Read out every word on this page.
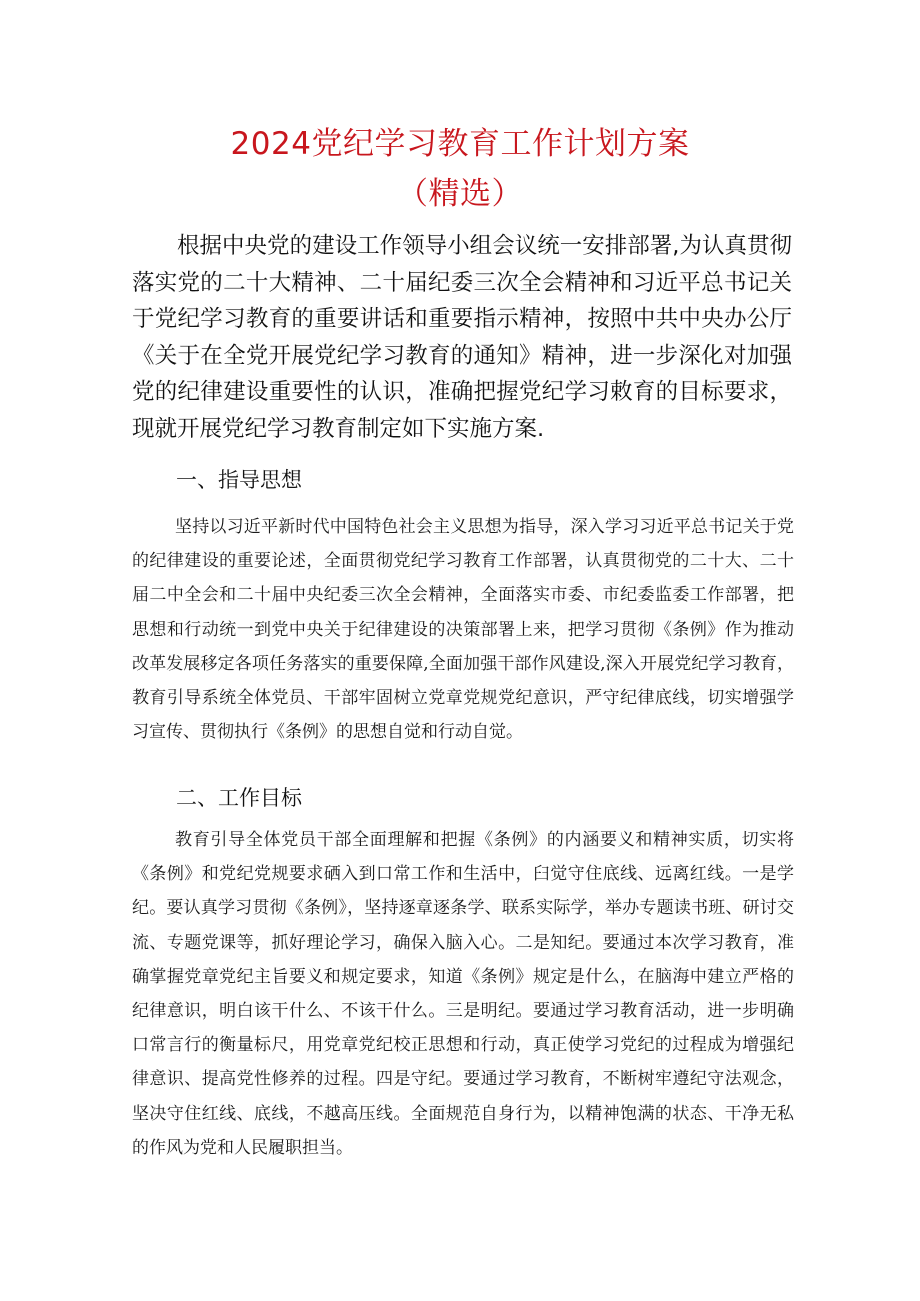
2024党纪学习教育工作计划方案
（精选）

根据中央党的建设工作领导小组会议统一安排部署,为认真贯彻落实党的二十大精神、二十届纪委三次全会精神和习近平总书记关于党纪学习教育的重要讲话和重要指示精神，按照中共中央办公厅《关于在全党开展党纪学习教育的通知》精神，进一步深化对加强党的纪律建设重要性的认识，准确把握党纪学习敕育的目标要求，现就开展党纪学习教育制定如下实施方案.

一、指导思想

坚持以习近平新时代中国特色社会主义思想为指导，深入学习习近平总书记关于党的纪律建设的重要论述，全面贯彻党纪学习教育工作部署，认真贯彻党的二十大、二十届二中全会和二十届中央纪委三次全会精神，全面落实市委、市纪委监委工作部署，把思想和行动统一到党中央关于纪律建设的决策部署上来，把学习贯彻《条例》作为推动改革发展移定各项任务落实的重要保障,全面加强干部作风建设,深入开展党纪学习教育，教育引导系统全体党员、干部牢固树立党章党规党纪意识，严守纪律底线，切实增强学习宣传、贯彻执行《条例》的思想自觉和行动自觉。

二、工作目标

教育引导全体党员干部全面理解和把握《条例》的内涵要义和精神实质，切实将《条例》和党纪党规要求硒入到口常工作和生活中，臼觉守住底线、远离红线。一是学纪。要认真学习贯彻《条例》，坚持逐章逐条学、联系实际学，举办专题读书班、研讨交流、专题党课等，抓好理论学习，确保入脑入心。二是知纪。要通过本次学习教育，准确掌握党章党纪主旨要义和规定要求，知道《条例》规定是什么，在脑海中建立严格的纪律意识，明白该干什么、不该干什么。三是明纪。要通过学习教育活动，进一步明确口常言行的衡量标尺，用党章党纪校正思想和行动，真正使学习党纪的过程成为增强纪律意识、提高党性修养的过程。四是守纪。要通过学习教育，不断树牢遵纪守法观念，坚决守住红线、底线，不越高压线。全面规范自身行为，以精神饱满的状态、干净无私的作风为党和人民履职担当。
